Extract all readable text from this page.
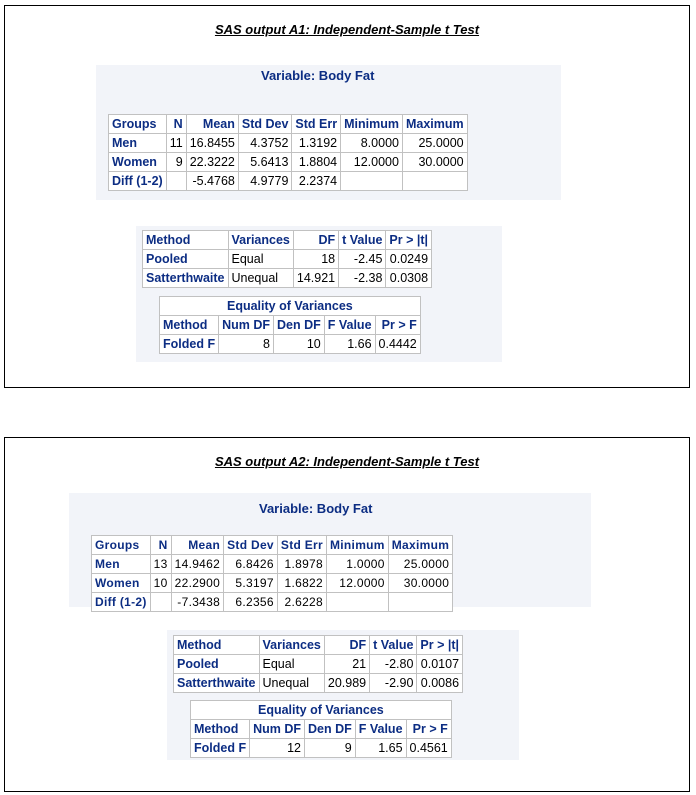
SAS output A1: Independent-Sample t Test
Variable: Body Fat
Groups	N	Mean	Std Dev	Std Err	Minimum	Maximum
Men	11	16.8455	4.3752	1.3192	8.0000	25.0000
Women	9	22.3222	5.6413	1.8804	12.0000	30.0000
Diff (1-2)		-5.4768	4.9779	2.2374		
Method	Variances	DF	t Value	Pr > |t|
Pooled	Equal	18	-2.45	0.0249
Satterthwaite	Unequal	14.921	-2.38	0.0308
Equality of Variances				
Method	Num DF	Den DF	F Value	Pr > F
Folded F	8	10	1.66	0.4442
SAS output A2: Independent-Sample t Test
Variable: Body Fat
Groups	N	Mean	Std Dev	Std Err	Minimum	Maximum
Men	13	14.9462	6.8426	1.8978	1.0000	25.0000
Women	10	22.2900	5.3197	1.6822	12.0000	30.0000
Diff (1-2)		-7.3438	6.2356	2.6228		
Method	Variances	DF	t Value	Pr > |t|
Pooled	Equal	21	-2.80	0.0107
Satterthwaite	Unequal	20.989	-2.90	0.0086
Equality of Variances				
Method	Num DF	Den DF	F Value	Pr > F
Folded F	12	9	1.65	0.4561
